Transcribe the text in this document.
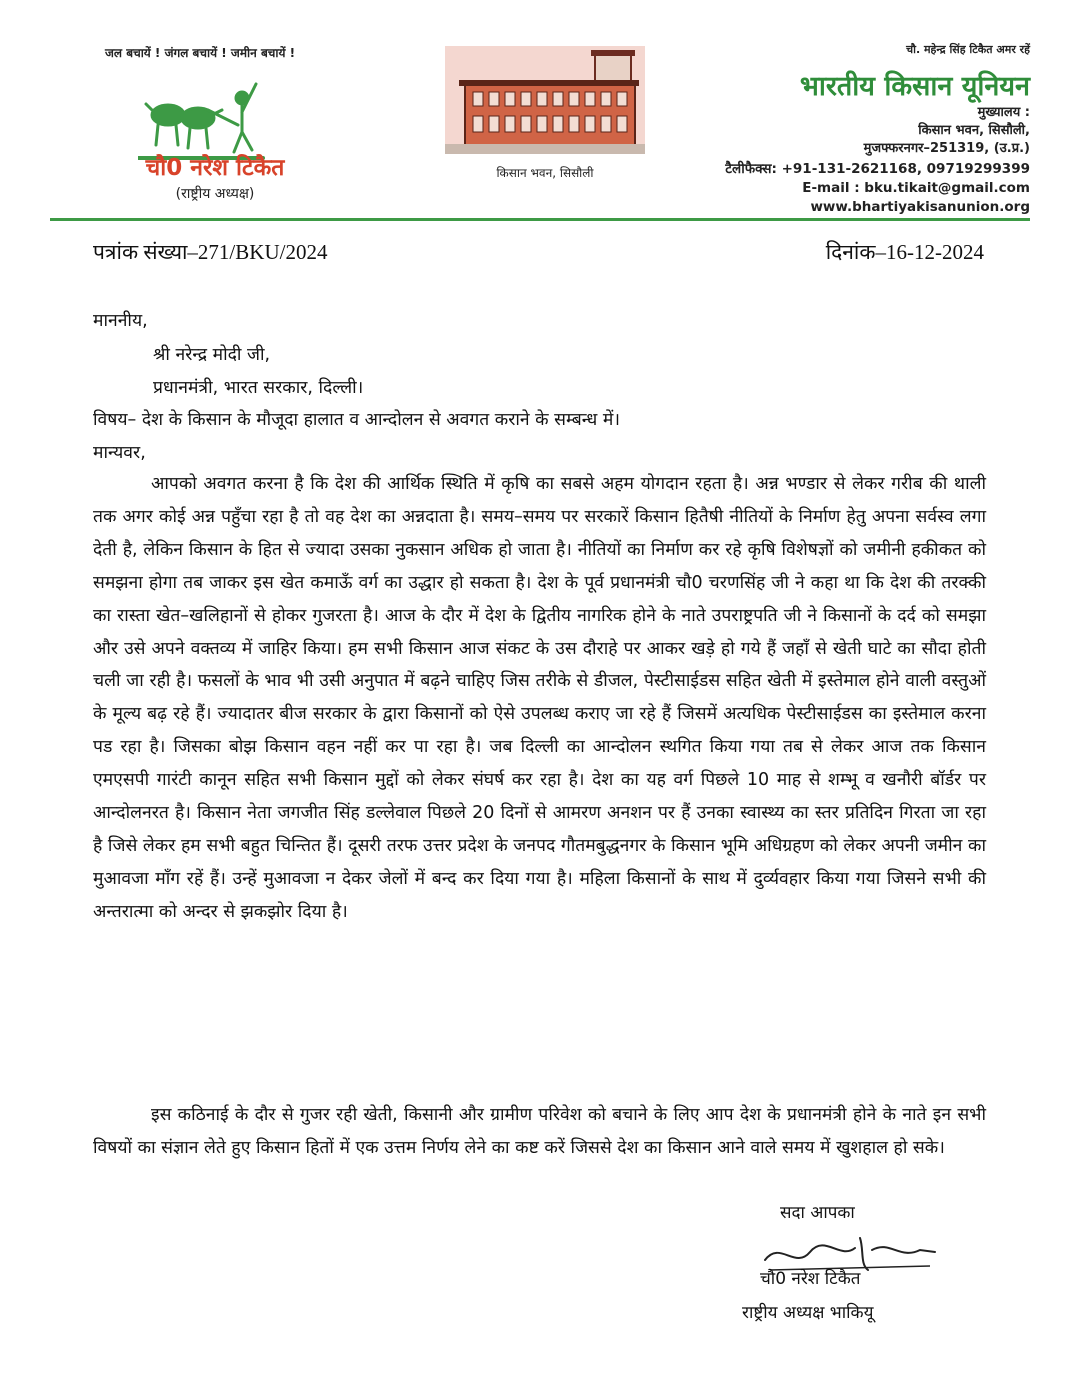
जल बचायें ! जंगल बचायें ! जमीन बचायें !
चौ0 नरेश टिकैत
(राष्ट्रीय अध्यक्ष)
किसान भवन, सिसौली
चौ. महेन्द्र सिंह टिकैत अमर रहें
भारतीय किसान यूनियन
मुख्यालय :
किसान भवन, सिसौली,
मुजफ्फरनगर–251319, (उ.प्र.)
टैलीफैक्स: +91-131-2621168, 09719299399
E-mail : bku.tikait@gmail.com
www.bhartiyakisanunion.org
पत्रांक संख्या–271/BKU/2024	दिनांक–16-12-2024
माननीय,
श्री नरेन्द्र मोदी जी,
प्रधानमंत्री, भारत सरकार, दिल्ली।
विषय– देश के किसान के मौजूदा हालात व आन्दोलन से अवगत कराने के सम्बन्ध में।
मान्यवर,
आपको अवगत करना है कि देश की आर्थिक स्थिति में कृषि का सबसे अहम योगदान रहता है। अन्न भण्डार से लेकर गरीब की थाली तक अगर कोई अन्न पहुँचा रहा है तो वह देश का अन्नदाता है। समय–समय पर सरकारें किसान हितैषी नीतियों के निर्माण हेतु अपना सर्वस्व लगा देती है, लेकिन किसान के हित से ज्यादा उसका नुकसान अधिक हो जाता है। नीतियों का निर्माण कर रहे कृषि विशेषज्ञों को जमीनी हकीकत को समझना होगा तब जाकर इस खेत कमाऊँ वर्ग का उद्धार हो सकता है। देश के पूर्व प्रधानमंत्री चौ0 चरणसिंह जी ने कहा था कि देश की तरक्की का रास्ता खेत–खलिहानों से होकर गुजरता है। आज के दौर में देश के द्वितीय नागरिक होने के नाते उपराष्ट्रपति जी ने किसानों के दर्द को समझा और उसे अपने वक्तव्य में जाहिर किया। हम सभी किसान आज संकट के उस दौराहे पर आकर खड़े हो गये हैं जहाँ से खेती घाटे का सौदा होती चली जा रही है। फसलों के भाव भी उसी अनुपात में बढ़ने चाहिए जिस तरीके से डीजल, पेस्टीसाईडस सहित खेती में इस्तेमाल होने वाली वस्तुओं के मूल्य बढ़ रहे हैं। ज्यादातर बीज सरकार के द्वारा किसानों को ऐसे उपलब्ध कराए जा रहे हैं जिसमें अत्यधिक पेस्टीसाईडस का इस्तेमाल करना पड रहा है। जिसका बोझ किसान वहन नहीं कर पा रहा है। जब दिल्ली का आन्दोलन स्थगित किया गया तब से लेकर आज तक किसान एमएसपी गारंटी कानून सहित सभी किसान मुद्दों को लेकर संघर्ष कर रहा है। देश का यह वर्ग पिछले 10 माह से शम्भू व खनौरी बॉर्डर पर आन्दोलनरत है। किसान नेता जगजीत सिंह डल्लेवाल पिछले 20 दिनों से आमरण अनशन पर हैं उनका स्वास्थ्य का स्तर प्रतिदिन गिरता जा रहा है जिसे लेकर हम सभी बहुत चिन्तित हैं। दूसरी तरफ उत्तर प्रदेश के जनपद गौतमबुद्धनगर के किसान भूमि अधिग्रहण को लेकर अपनी जमीन का मुआवजा माँग रहें हैं। उन्हें मुआवजा न देकर जेलों में बन्द कर दिया गया है। महिला किसानों के साथ में दुर्व्यवहार किया गया जिसने सभी की अन्तरात्मा को अन्दर से झकझोर दिया है।
इस कठिनाई के दौर से गुजर रही खेती, किसानी और ग्रामीण परिवेश को बचाने के लिए आप देश के प्रधानमंत्री होने के नाते इन सभी विषयों का संज्ञान लेते हुए किसान हितों में एक उत्तम निर्णय लेने का कष्ट करें जिससे देश का किसान आने वाले समय में खुशहाल हो सके।
सदा आपका
चौ0 नरेश टिकैत
राष्ट्रीय अध्यक्ष भाकियू
